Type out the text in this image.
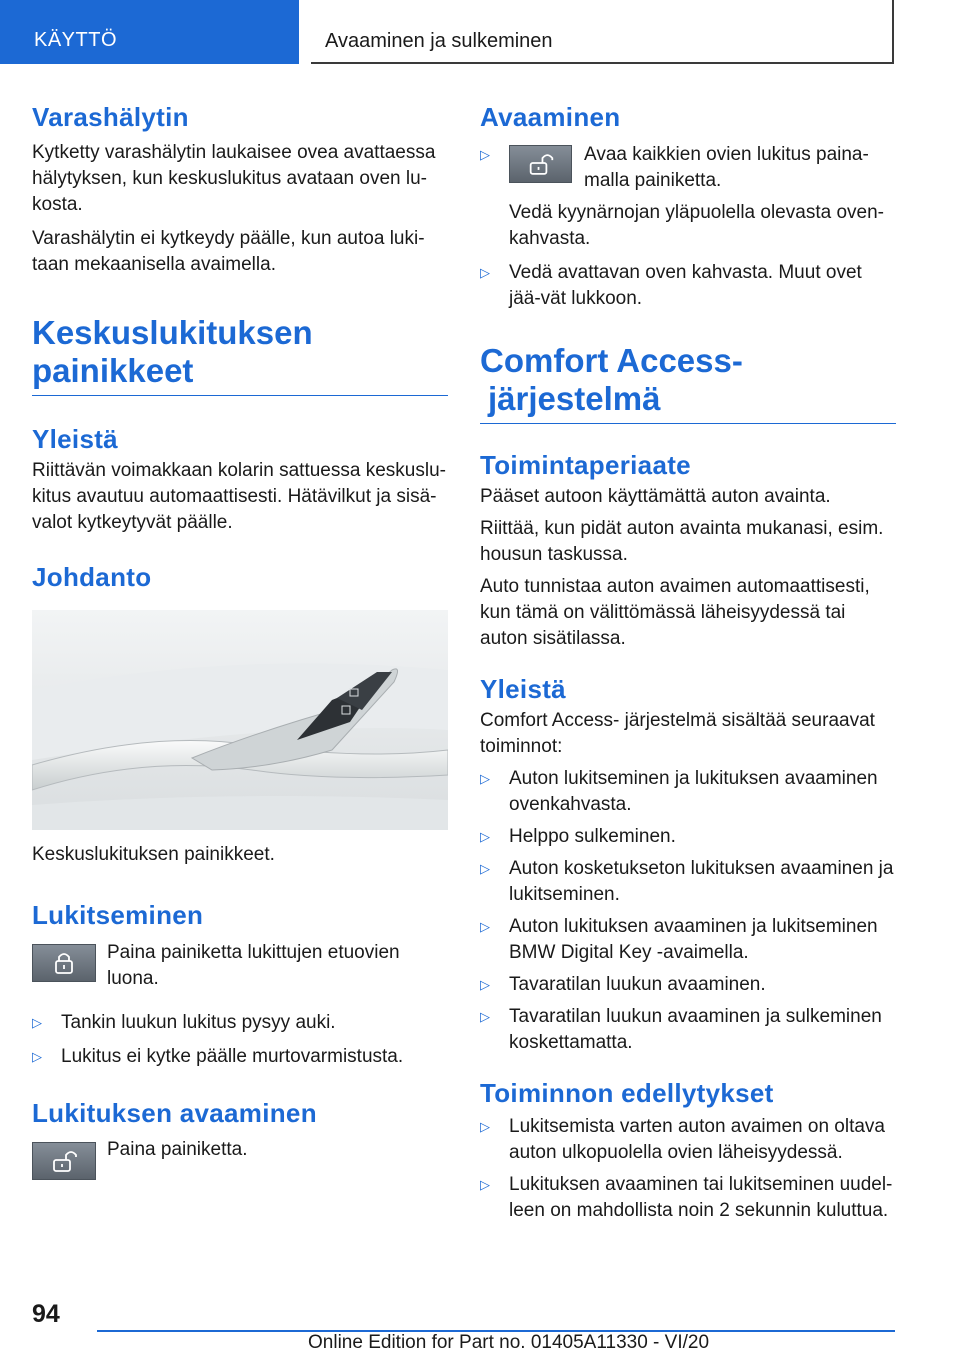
KÄYTTÖ	Avaaminen ja sulkeminen
Varashälytin

Kytketty varashälytin laukaisee ovea avattaessa hälytyksen, kun keskuslukitus avataan oven lu-kosta.

Varashälytin ei kytkeydy päälle, kun autoa luki-taan mekaanisella avaimella.

Keskuslukituksen
painikkeet
Yleistä

Riittävän voimakkaan kolarin sattuessa keskuslu-kitus avautuu automaattisesti. Hätävilkut ja sisä-valot kytkeytyvät päälle.

Johdanto

Keskuslukituksen painikkeet.

Lukitseminen

Paina painiketta lukittujen etuovien luona.

▷ Tankin luukun lukitus pysyy auki.
▷ Lukitus ei kytke päälle murtovarmistusta.
Lukituksen avaaminen

Paina painiketta.

Avaaminen
▷	Avaa kaikkien ovien lukitus paina-malla painiketta.

Vedä kyynärnojan yläpuolella olevasta oven-kahvasta.

▷ Vedä avattavan oven kahvasta. Muut ovet jää-vät lukkoon.
Comfort Access-
järjestelmä
Toimintaperiaate

Pääset autoon käyttämättä auton avainta.

Riittää, kun pidät auton avainta mukanasi, esim. housun taskussa.

Auto tunnistaa auton avaimen automaattisesti, kun tämä on välittömässä läheisyydessä tai auton sisätilassa.

Yleistä

Comfort Access- järjestelmä sisältää seuraavat toiminnot:

▷ Auton lukitseminen ja lukituksen avaaminen ovenkahvasta.
▷ Helppo sulkeminen.
▷ Auton kosketukseton lukituksen avaaminen ja lukitseminen.
▷ Auton lukituksen avaaminen ja lukitseminen BMW Digital Key -avaimella.
▷ Tavaratilan luukun avaaminen.
▷ Tavaratilan luukun avaaminen ja sulkeminen koskettamatta.
Toiminnon edellytykset
▷ Lukitsemista varten auton avaimen on oltava auton ulkopuolella ovien läheisyydessä.
▷ Lukituksen avaaminen tai lukitseminen uudel-leen on mahdollista noin 2 sekunnin kuluttua.
94
Online Edition for Part no. 01405A11330 - VI/20
